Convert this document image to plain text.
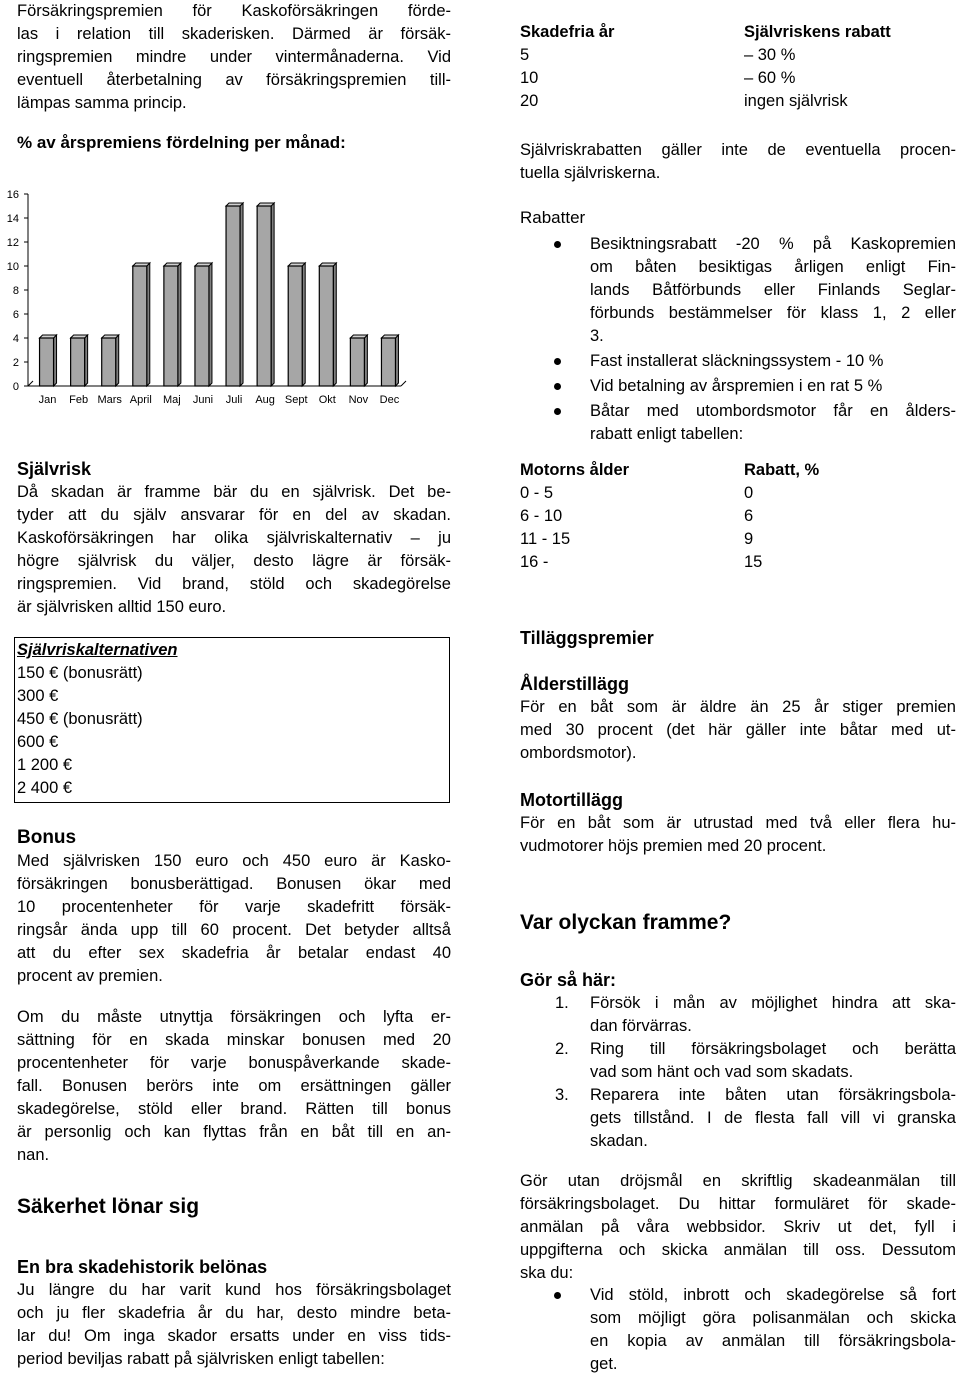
Försäkringspremien för Kaskoförsäkringen förde-

las i relation till skaderisken. Därmed är försäk-

ringspremien mindre under vintermånaderna. Vid

eventuell återbetalning av försäkringspremien till-

lämpas samma princip.

% av årspremiens fördelning per månad:
Jan Feb Mars April Maj Juni Juli Aug Sept Okt Nov Dec
0
2
4
6
8
10
12
14
16

Självrisk

Då skadan är framme bär du en självrisk. Det be-

tyder att du själv ansvarar för en del av skadan.

Kaskoförsäkringen har olika självriskalternativ – ju

högre självrisk du väljer, desto lägre är försäk-

ringspremien. Vid brand, stöld och skadegörelse

är självrisken alltid 150 euro.

Självriskalternativen

150 € (bonusrätt)

300 €

450 € (bonusrätt)

600 €

1 200 €

2 400 €

Bonus

Med självrisken 150 euro och 450 euro är Kasko-

försäkringen bonusberättigad. Bonusen ökar med

10 procentenheter för varje skadefritt försäk-

ringsår ända upp till 60 procent. Det betyder alltså

att du efter sex skadefria år betalar endast 40

procent av premien.

Om du måste utnyttja försäkringen och lyfta er-

sättning för en skada minskar bonusen med 20

procentenheter för varje bonuspåverkande skade-

fall. Bonusen berörs inte om ersättningen gäller

skadegörelse, stöld eller brand. Rätten till bonus

är personlig och kan flyttas från en båt till en an-

nan.

Säkerhet lönar sig

En bra skadehistorik belönas

Ju längre du har varit kund hos försäkringsbolaget

och ju fler skadefria år du har, desto mindre beta-

lar du! Om inga skador ersatts under en viss tids-

period beviljas rabatt på självrisken enligt tabellen:

Skadefria år	Självriskens rabatt
5	– 30 %
10	– 60 %
20	ingen självrisk

Självriskrabatten gäller inte de eventuella procen-

tuella självriskerna.

Rabatter

Besiktningsrabatt -20 % på Kaskopremien
om båten besiktigas årligen enligt Fin-
lands Båtförbunds eller Finlands Seglar-
förbunds bestämmelser för klass 1, 2 eller
3.
Fast installerat släckningssystem - 10 %
Vid betalning av årspremien i en rat 5 %
Båtar med utombordsmotor får en ålders-
rabatt enligt tabellen:
Motorns ålder	Rabatt, %
0 - 5	0
6 - 10	6
11 - 15	9
16 -	15

Tilläggspremier

Ålderstillägg

För en båt som är äldre än 25 år stiger premien

med 30 procent (det här gäller inte båtar med ut-

ombordsmotor).

Motortillägg

För en båt som är utrustad med två eller flera hu-

vudmotorer höjs premien med 20 procent.

Var olyckan framme?

Gör så här:

1. Försök i mån av möjlighet hindra att ska-
dan förvärras.
2. Ring till försäkringsbolaget och berätta
vad som hänt och vad som skadats.
3. Reparera inte båten utan försäkringsbola-
gets tillstånd. I de flesta fall vill vi granska
skadan.

Gör utan dröjsmål en skriftlig skadeanmälan till

försäkringsbolaget. Du hittar formuläret för skade-

anmälan på våra webbsidor. Skriv ut det, fyll i

uppgifterna och skicka anmälan till oss. Dessutom

ska du:

Vid stöld, inbrott och skadegörelse så fort
som möjligt göra polisanmälan och skicka
en kopia av anmälan till försäkringsbola-
get.
